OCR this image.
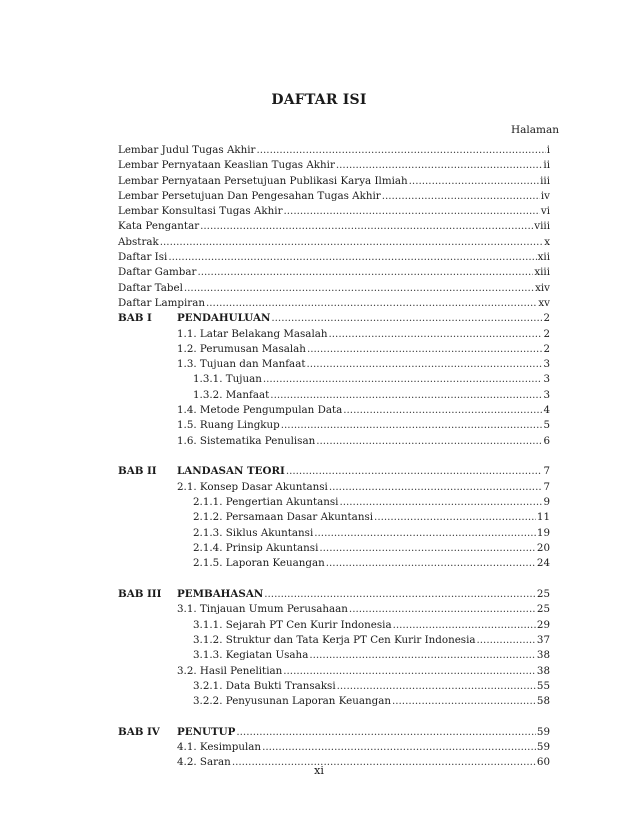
DAFTAR ISI
Halaman
Lembar Judul Tugas Akhir .....	i
Lembar Pernyataan Keaslian Tugas Akhir .....	ii
Lembar Pernyataan Persetujuan Publikasi Karya Ilmiah .....	iii
Lembar Persetujuan Dan Pengesahan Tugas Akhir .....	iv
Lembar Konsultasi Tugas Akhir .....	vi
Kata Pengantar .....	viii
Abstrak .....	x
Daftar Isi .....	xii
Daftar Gambar .....	xiii
Daftar Tabel .....	xiv
Daftar Lampiran .....	xv
BAB I PENDAHULUAN .....	2
1.1. Latar Belakang Masalah .....	2
1.2. Perumusan Masalah .....	2
1.3. Tujuan dan Manfaat .....	3
1.3.1. Tujuan .....	3
1.3.2. Manfaat .....	3
1.4. Metode Pengumpulan Data .....	4
1.5. Ruang Lingkup .....	5
1.6. Sistematika Penulisan .....	6
BAB II LANDASAN TEORI .....	7
2.1. Konsep Dasar Akuntansi .....	7
2.1.1. Pengertian Akuntansi .....	9
2.1.2. Persamaan Dasar Akuntansi .....	11
2.1.3. Siklus Akuntansi .....	19
2.1.4. Prinsip Akuntansi .....	20
2.1.5. Laporan Keuangan .....	24
BAB III PEMBAHASAN .....	25
3.1. Tinjauan Umum Perusahaan .....	25
3.1.1. Sejarah PT Cen Kurir Indonesia .....	29
3.1.2. Struktur dan Tata Kerja PT Cen Kurir Indonesia .....	37
3.1.3. Kegiatan Usaha .....	38
3.2. Hasil Penelitian .....	38
3.2.1. Data Bukti Transaksi .....	55
3.2.2. Penyusunan Laporan Keuangan .....	58
BAB IV PENUTUP .....	59
4.1. Kesimpulan .....	59
4.2. Saran .....	60
xi
